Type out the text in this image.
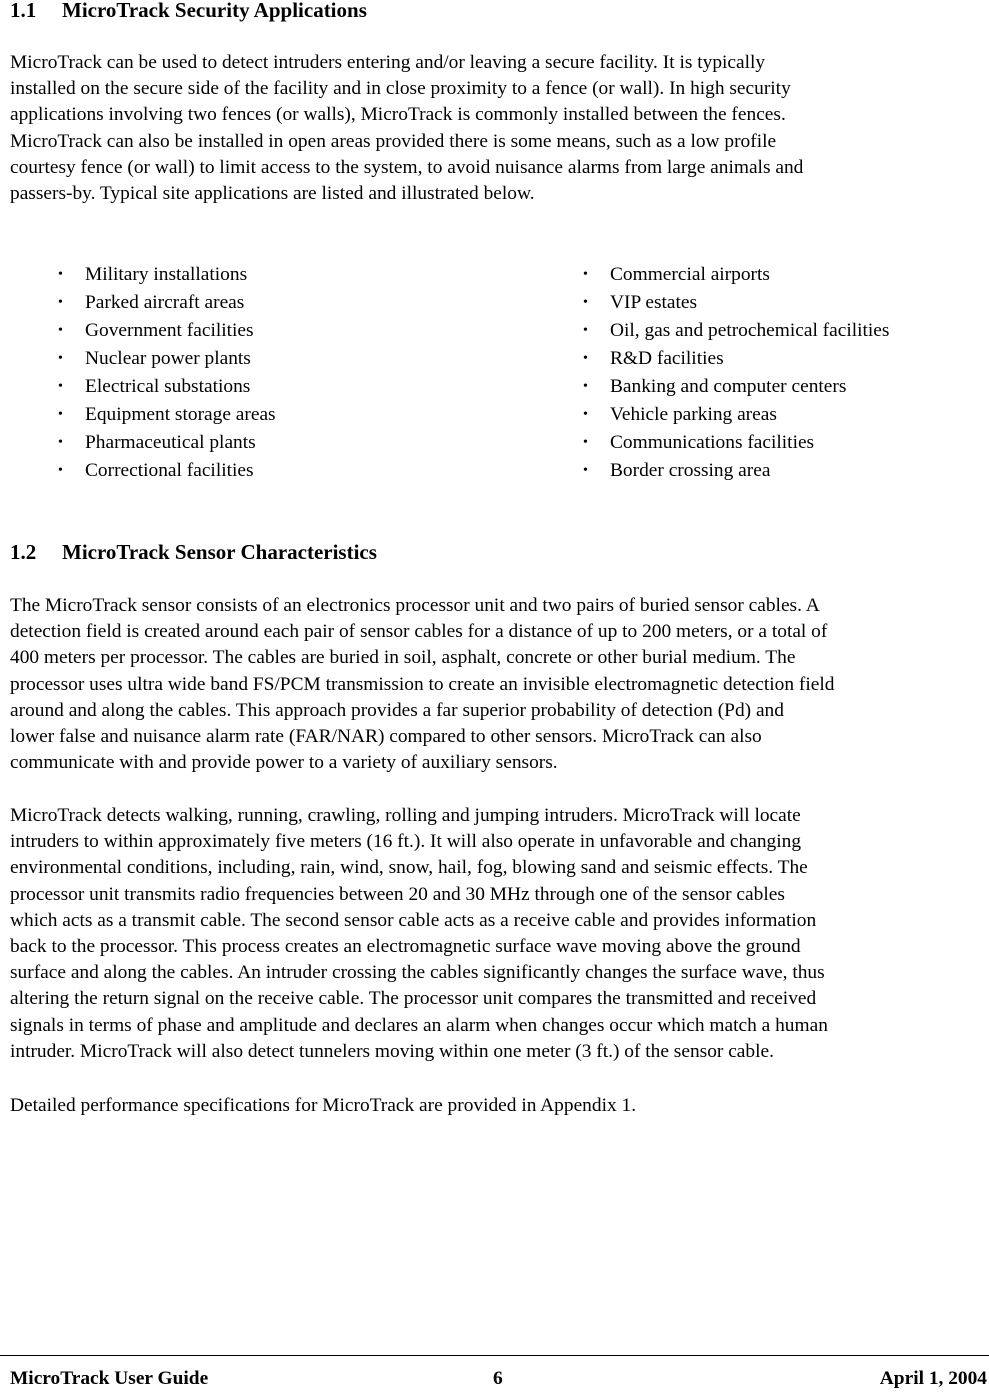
1.1 MicroTrack Security Applications
MicroTrack can be used to detect intruders entering and/or leaving a secure facility. It is typically
installed on the secure side of the facility and in close proximity to a fence (or wall). In high security
applications involving two fences (or walls), MicroTrack is commonly installed between the fences.
MicroTrack can also be installed in open areas provided there is some means, such as a low profile
courtesy fence (or wall) to limit access to the system, to avoid nuisance alarms from large animals and
passers-by. Typical site applications are listed and illustrated below.
• Military installations
• Parked aircraft areas
• Government facilities
• Nuclear power plants
• Electrical substations
• Equipment storage areas
• Pharmaceutical plants
• Correctional facilities
• Commercial airports
• VIP estates
• Oil, gas and petrochemical facilities
• R&D facilities
• Banking and computer centers
• Vehicle parking areas
• Communications facilities
• Border crossing area
1.2 MicroTrack Sensor Characteristics
The MicroTrack sensor consists of an electronics processor unit and two pairs of buried sensor cables. A
detection field is created around each pair of sensor cables for a distance of up to 200 meters, or a total of
400 meters per processor. The cables are buried in soil, asphalt, concrete or other burial medium. The
processor uses ultra wide band FS/PCM transmission to create an invisible electromagnetic detection field
around and along the cables. This approach provides a far superior probability of detection (Pd) and
lower false and nuisance alarm rate (FAR/NAR) compared to other sensors. MicroTrack can also
communicate with and provide power to a variety of auxiliary sensors.
MicroTrack detects walking, running, crawling, rolling and jumping intruders. MicroTrack will locate
intruders to within approximately five meters (16 ft.). It will also operate in unfavorable and changing
environmental conditions, including, rain, wind, snow, hail, fog, blowing sand and seismic effects. The
processor unit transmits radio frequencies between 20 and 30 MHz through one of the sensor cables
which acts as a transmit cable. The second sensor cable acts as a receive cable and provides information
back to the processor. This process creates an electromagnetic surface wave moving above the ground
surface and along the cables. An intruder crossing the cables significantly changes the surface wave, thus
altering the return signal on the receive cable. The processor unit compares the transmitted and received
signals in terms of phase and amplitude and declares an alarm when changes occur which match a human
intruder. MicroTrack will also detect tunnelers moving within one meter (3 ft.) of the sensor cable.
Detailed performance specifications for MicroTrack are provided in Appendix 1.
MicroTrack User Guide	6	April 1, 2004
